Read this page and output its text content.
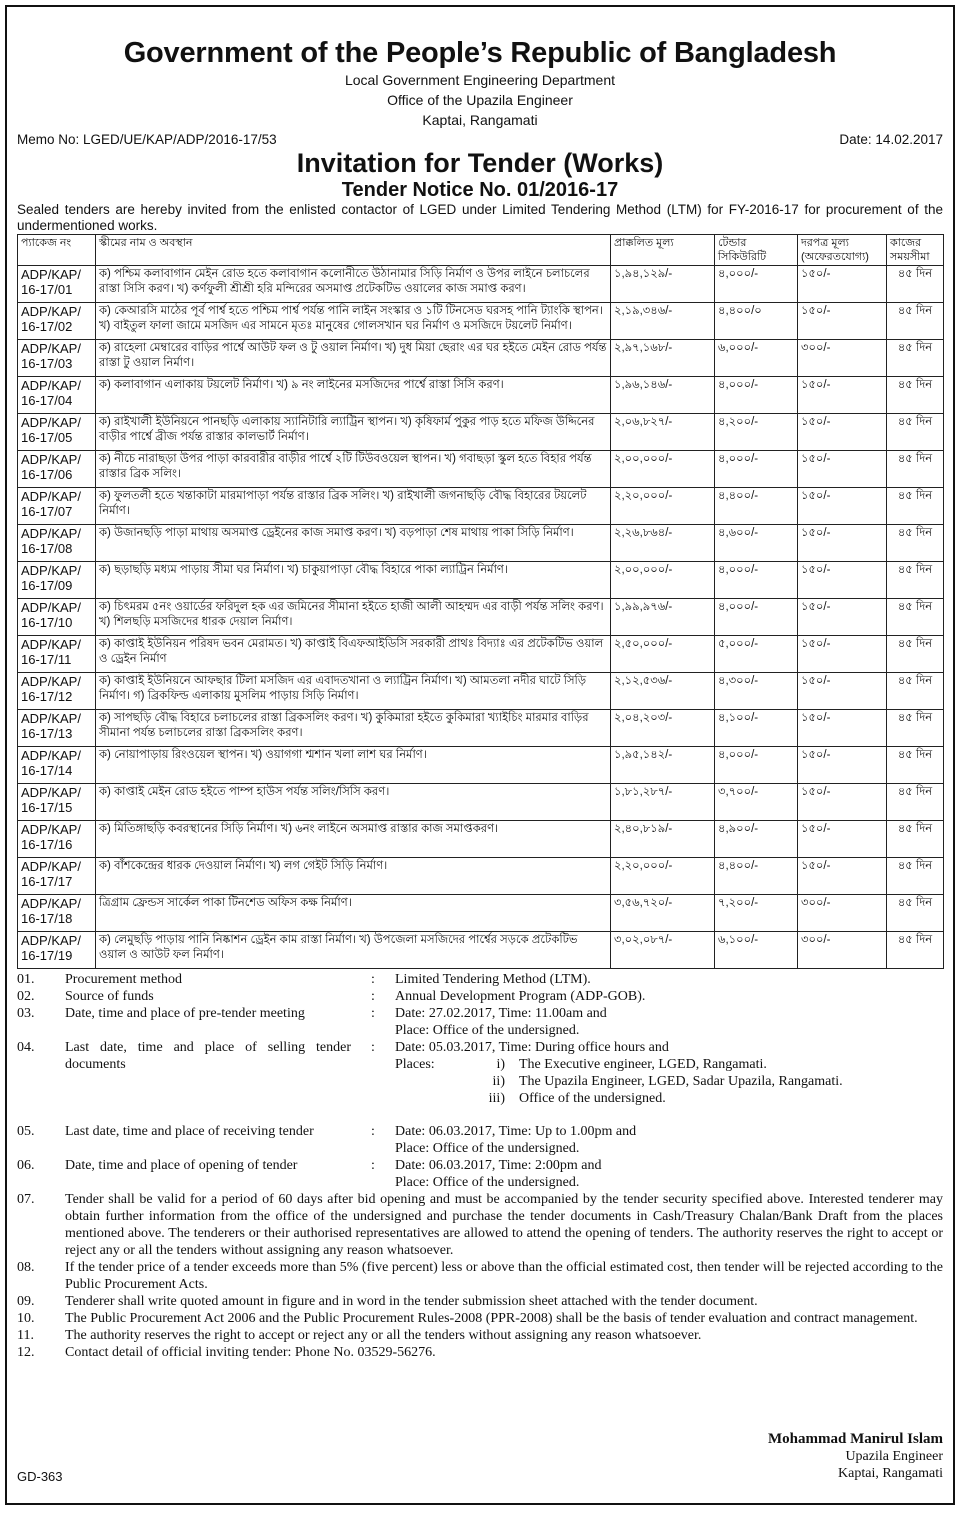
Government of the People’s Republic of Bangladesh
Local Government Engineering Department
Office of the Upazila Engineer
Kaptai, Rangamati
Memo No: LGED/UE/KAP/ADP/2016-17/53	Date: 14.02.2017
Invitation for Tender (Works)
Tender Notice No. 01/2016-17
Sealed tenders are hereby invited from the enlisted contactor of LGED under Limited Tendering Method (LTM) for FY-2016-17 for procurement of the undermentioned works.
প্যাকেজ নং	স্কীমের নাম ও অবস্থান	প্রাক্কলিত মূল্য	টেন্ডার সিকিউরিটি	দরপত্র মূল্য (অফেরতযোগ্য)	কাজের সময়সীমা
ADP/KAP/ 16-17/01	ক) পশ্চিম কলাবাগান মেইন রোড হতে কলাবাগান কলোনীতে উঠানামার সিড়ি নির্মাণ ও উপর লাইনে চলাচলের রাস্তা সিসি করণ। খ) কর্ণফুলী শ্রীশ্রী হরি মন্দিরের অসমাপ্ত প্রটেকটিভ ওয়ালের কাজ সমাপ্ত করণ।	১,৯৪,১২৯/-	৪,০০০/-	১৫০/-	৪৫ দিন
ADP/KAP/ 16-17/02	ক) কেআরসি মাঠের পূর্ব পার্শ্ব হতে পশ্চিম পার্শ্ব পর্যন্ত পানি লাইন সংস্কার ও ১টি টিনসেড ঘরসহ পানি ট্যাংকি স্থাপন। খ) বাইতুল ফালা জামে মসজিদ এর সামনে মৃতঃ মানুষের গোলসখান ঘর নির্মাণ ও মসজিদে টয়লেট নির্মাণ।	২,১৯,৩৪৬/-	৪,৪০০/০	১৫০/-	৪৫ দিন
ADP/KAP/ 16-17/03	ক) রাহেলা মেম্বারের বাড়ির পার্শ্বে আউট ফল ও টু ওয়াল নির্মাণ। খ) দুধ মিয়া ছেরাং এর ঘর হইতে মেইন রোড পর্যন্ত রাস্তা টু ওয়াল নির্মাণ।	২,৯৭,১৬৮/-	৬,০০০/-	৩০০/-	৪৫ দিন
ADP/KAP/ 16-17/04	ক) কলাবাগান এলাকায় টয়লেট নির্মাণ। খ) ৯ নং লাইনের মসজিদের পার্শ্বে রাস্তা সিসি করণ।	১,৯৬,১৪৬/-	৪,০০০/-	১৫০/-	৪৫ দিন
ADP/KAP/ 16-17/05	ক) রাইখালী ইউনিয়নে পানছড়ি এলাকায় স্যানিটারি ল্যাট্রিন স্থাপন। খ) কৃষিফার্ম পুকুর পাড় হতে মফিজ উদ্দিনের বাড়ীর পার্শ্বে ব্রীজ পর্যন্ত রাস্তার কালভার্ট নির্মাণ।	২,০৬,৮২৭/-	৪,২০০/-	১৫০/-	৪৫ দিন
ADP/KAP/ 16-17/06	ক) নীচে নারাছড়া উপর পাড়া কারবারীর বাড়ীর পার্শ্বে ২টি টিউবওয়েল স্থাপন। খ) গবাছড়া স্কুল হতে বিহার পর্যন্ত রাস্তার ব্রিক সলিং।	২,০০,০০০/-	৪,০০০/-	১৫০/-	৪৫ দিন
ADP/KAP/ 16-17/07	ক) ফুলতলী হতে খন্তাকাটা মারমাপাড়া পর্যন্ত রাস্তার ব্রিক সলিং। খ) রাইখালী জগনাছড়ি বৌদ্ধ বিহারের টয়লেট নির্মাণ।	২,২০,০০০/-	৪,৪০০/-	১৫০/-	৪৫ দিন
ADP/KAP/ 16-17/08	ক) উজানছড়ি পাড়া মাথায় অসমাপ্ত ড্রেইনের কাজ সমাপ্ত করণ। খ) বড়পাড়া শেষ মাথায় পাকা সিড়ি নির্মাণ।	২,২৬,৮৬৪/-	৪,৬০০/-	১৫০/-	৪৫ দিন
ADP/KAP/ 16-17/09	ক) ছড়াছড়ি মধ্যম পাড়ায় সীমা ঘর নির্মাণ। খ) চাকুয়াপাড়া বৌদ্ধ বিহারে পাকা ল্যাট্রিন নির্মাণ।	২,০০,০০০/-	৪,০০০/-	১৫০/-	৪৫ দিন
ADP/KAP/ 16-17/10	ক) চিৎমরম ৫নং ওয়ার্ডের ফরিদুল হক এর জমিনের সীমানা হইতে হাজী আলী আহম্মদ এর বাড়ী পর্যন্ত সলিং করণ। খ) শিলছড়ি মসজিদের ধারক দেয়াল নির্মাণ।	১,৯৯,৯৭৬/-	৪,০০০/-	১৫০/-	৪৫ দিন
ADP/KAP/ 16-17/11	ক) কাপ্তাই ইউনিয়ন পরিষদ ভবন মেরামত। খ) কাপ্তাই বিএফআইডিসি সরকারী প্রাথঃ বিদ্যাঃ এর প্রটেকটিভ ওয়াল ও ড্রেইন নির্মাণ	২,৫০,০০০/-	৫,০০০/-	১৫০/-	৪৫ দিন
ADP/KAP/ 16-17/12	ক) কাপ্তাই ইউনিয়নে আফছার টিলা মসজিদ এর এবাদতখানা ও ল্যাট্রিন নির্মাণ। খ) আমতলা নদীর ঘাটে সিড়ি নির্মাণ। গ) ব্রিকফিল্ড এলাকায় মুসলিম পাড়ায় সিড়ি নির্মাণ।	২,১২,৫৩৬/-	৪,৩০০/-	১৫০/-	৪৫ দিন
ADP/KAP/ 16-17/13	ক) সাপছড়ি বৌদ্ধ বিহারে চলাচলের রাস্তা ব্রিকসলিং করণ। খ) কুকিমারা হইতে কুকিমারা খ্যাইচিং মারমার বাড়ির সীমানা পর্যন্ত চলাচলের রাস্তা ব্রিকসলিং করণ।	২,০৪,২০৩/-	৪,১০০/-	১৫০/-	৪৫ দিন
ADP/KAP/ 16-17/14	ক) নোয়াপাড়ায় রিংওয়েল স্থাপন। খ) ওয়াগগা শ্মশান খলা লাশ ঘর নির্মাণ।	১,৯৫,১৪২/-	৪,০০০/-	১৫০/-	৪৫ দিন
ADP/KAP/ 16-17/15	ক) কাপ্তাই মেইন রোড হইতে পাম্প হাউস পর্যন্ত সলিং/সিসি করণ।	১,৮১,২৮৭/-	৩,৭০০/-	১৫০/-	৪৫ দিন
ADP/KAP/ 16-17/16	ক) মিতিঙ্গাছড়ি কবরস্থানের সিড়ি নির্মাণ। খ) ৬নং লাইনে অসমাপ্ত রাস্তার কাজ সমাপ্তকরণ।	২,৪০,৮১৯/-	৪,৯০০/-	১৫০/-	৪৫ দিন
ADP/KAP/ 16-17/17	ক) বাঁশকেন্দ্রের ধারক দেওয়াল নির্মাণ। খ) লগ গেইট সিড়ি নির্মাণ।	২,২০,০০০/-	৪,৪০০/-	১৫০/-	৪৫ দিন
ADP/KAP/ 16-17/18	ত্রিগ্রাম ফ্রেন্ডস সার্কেল পাকা টিনশেড অফিস কক্ষ নির্মাণ।	৩,৫৬,৭২০/-	৭,২০০/-	৩০০/-	৪৫ দিন
ADP/KAP/ 16-17/19	ক) লেমুছড়ি পাড়ায় পানি নিষ্কাশন ড্রেইন কাম রাস্তা নির্মাণ। খ) উপজেলা মসজিদের পার্শ্বের সড়কে প্রটেকটিভ ওয়াল ও আউট ফল নির্মাণ।	৩,০২,০৮৭/-	৬,১০০/-	৩০০/-	৪৫ দিন
01.	Procurement method	:	Limited Tendering Method (LTM).
02.	Source of funds	:	Annual Development Program (ADP-GOB).
03.	Date, time and place of pre-tender meeting	:	Date: 27.02.2017, Time: 11.00am and
Place: Office of the undersigned.
04.	Last date, time and place of selling tender documents
:	Date: 05.03.2017, Time: During office hours and
Places:	i)	The Executive engineer, LGED, Rangamati.
ii)	The Upazila Engineer, LGED, Sadar Upazila, Rangamati.
iii)	Office of the undersigned.
05.	Last date, time and place of receiving tender	:	Date: 06.03.2017, Time: Up to 1.00pm and
Place: Office of the undersigned.
06.	Date, time and place of opening of tender	:	Date: 06.03.2017, Time: 2:00pm and
Place: Office of the undersigned.
07.	Tender shall be valid for a period of 60 days after bid opening and must be accompanied by the tender security specified above. Interested tenderer may obtain further information from the office of the undersigned and purchase the tender documents in Cash/Treasury Chalan/Bank Draft from the places mentioned above. The tenderers or their authorised representatives are allowed to attend the opening of tenders. The authority reserves the right to accept or reject any or all the tenders without assigning any reason whatsoever.
08.	If the tender price of a tender exceeds more than 5% (five percent) less or above than the official estimated cost, then tender will be rejected according to the Public Procurement Acts.
09.	Tenderer shall write quoted amount in figure and in word in the tender submission sheet attached with the tender document.
10.	The Public Procurement Act 2006 and the Public Procurement Rules-2008 (PPR-2008) shall be the basis of tender evaluation and contract management.
11.	The authority reserves the right to accept or reject any or all the tenders without assigning any reason whatsoever.
12.	Contact detail of official inviting tender: Phone No. 03529-56276.
Mohammad Manirul Islam
Upazila Engineer
Kaptai, Rangamati
GD-363
